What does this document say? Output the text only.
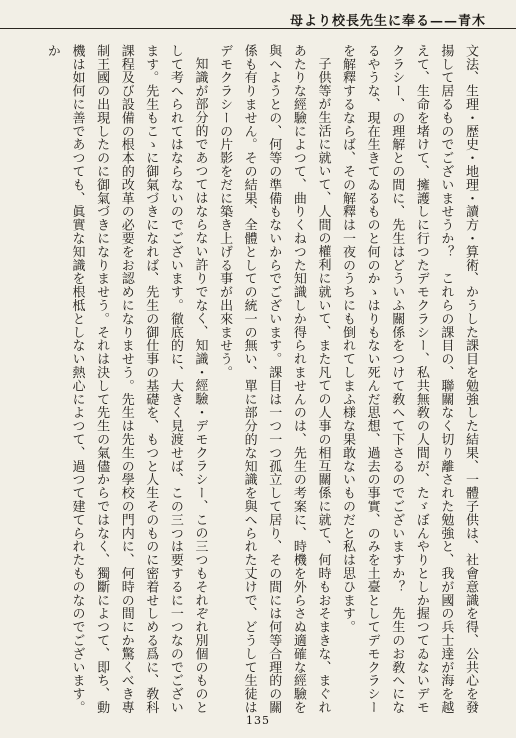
母より校長先生に奉る——青木

文法、生理・歴史・地理・讀方・算術、かうした課目を勉強した結果、一體子供は、社會意識を得、公共心を發揚して居るものでございませうか？　これらの課目の、聯關なく切り離された勉強と、我が國の兵士達が海を越えて、生命を堵けて、擁護しに行つたデモクラシー、私共無敎の人間が、たゞぼんやりとしか握つてゐないデモクラシー、の理解との間に、先生はどういふ關係をつけて敎へて下さるのでございますか？　先生のお敎へになるやうな、現在生きてゐるものと何のかゝはりもない死んだ思想、過去の事實、のみを土臺としてデモクラシーを解釋するならば、その解釋は一夜のうちにも倒れてしまふ様な果敢ないものだと私は思ひます。

子供等が生活に就いて、人間の權利に就いて、また凡ての人事の相互關係に就て、何時もおそまきな、まぐれあたりな經驗によつて、曲りくねつた知識しか得られませんのは、先生の考案に、時機を外らさぬ適確な經驗を與へようとの、何等の準備もないからでございます。課目は一つ一つ孤立して居り、その間には何等合理的の關係も有りません。その結果、全體としての統一の無い、單に部分的な知識を與へられた丈けで、どうして生徒はデモクラシーの片影をだに築き上げる事が出來ませう。

知識が部分的であつてはならない許りでなく、知識・經驗・デモクラシー、この三つもそれぞれ別個のものとして考へられてはならないのでございます。徹底的に、大きく見渡せば、この三つは要するに一つなのでございます。先生もこゝに御氣づきになれば、先生の御仕事の基礎を、もつと人生そのものに密着せしめる爲に、敎科課程及び設備の根本的改革の必要をお認めになりませう。先生は先生の學校の門内に、何時の間にか驚くべき專制王國の出現したのに御氣づきになりませう。それは決して先生の氣儘からではなく、獨斷によつて、即ち、動機は如何に善であつても、眞實な知識を根柢としない熱心によつて、過つて建てられたものなのでございます。か

135
